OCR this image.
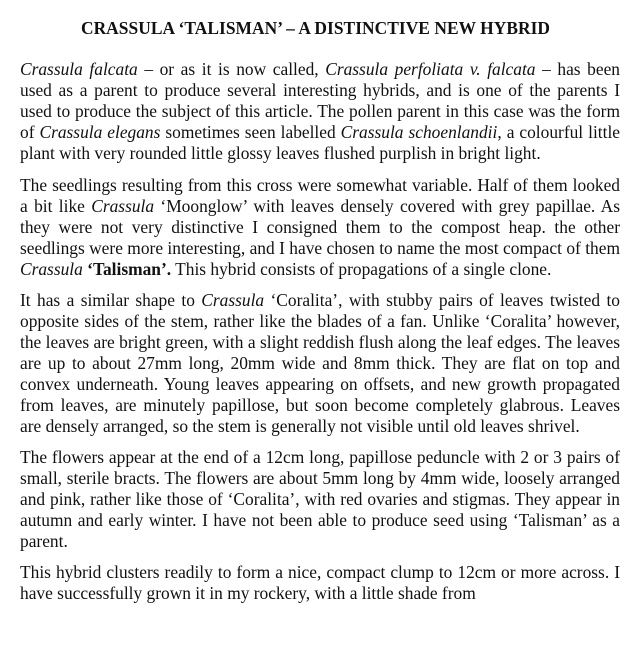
CRASSULA ‘TALISMAN’ – A DISTINCTIVE NEW HYBRID

Crassula falcata – or as it is now called, Crassula perfoliata v. falcata – has been used as a parent to produce several interesting hybrids, and is one of the parents I used to produce the subject of this article. The pollen parent in this case was the form of Crassula elegans sometimes seen labelled Crassula schoenlandii, a colourful little plant with very rounded little glossy leaves flushed purplish in bright light.

The seedlings resulting from this cross were somewhat variable. Half of them looked a bit like Crassula ‘Moonglow’ with leaves densely covered with grey papillae. As they were not very distinctive I consigned them to the compost heap. the other seedlings were more interesting, and I have chosen to name the most compact of them Crassula ‘Talisman’. This hybrid consists of propagations of a single clone.

It has a similar shape to Crassula ‘Coralita’, with stubby pairs of leaves twisted to opposite sides of the stem, rather like the blades of a fan. Unlike ‘Coralita’ however, the leaves are bright green, with a slight reddish flush along the leaf edges. The leaves are up to about 27mm long, 20mm wide and 8mm thick. They are flat on top and convex underneath. Young leaves appearing on offsets, and new growth propagated from leaves, are minutely papillose, but soon become completely glabrous. Leaves are densely arranged, so the stem is generally not visible until old leaves shrivel.

The flowers appear at the end of a 12cm long, papillose peduncle with 2 or 3 pairs of small, sterile bracts. The flowers are about 5mm long by 4mm wide, loosely arranged and pink, rather like those of ‘Coralita’, with red ovaries and stigmas. They appear in autumn and early winter. I have not been able to produce seed using ‘Talisman’ as a parent.

This hybrid clusters readily to form a nice, compact clump to 12cm or more across. I have successfully grown it in my rockery, with a little shade from
